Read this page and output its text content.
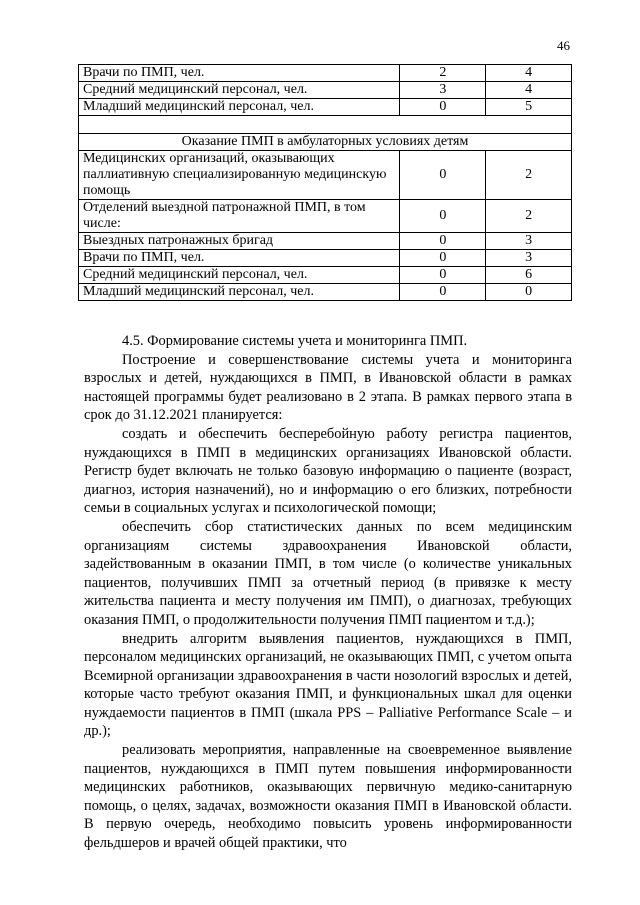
46
Врачи по ПМП, чел.	2	4
Средний медицинский персонал, чел.	3	4
Младший медицинский персонал, чел.	0	5

Оказание ПМП в амбулаторных условиях детям		
Медицинских организаций, оказывающих паллиативную специализированную медицинскую помощь	0	2
Отделений выездной патронажной ПМП, в том числе:	0	2
Выездных патронажных бригад	0	3
Врачи по ПМП, чел.	0	3
Средний медицинский персонал, чел.	0	6
Младший медицинский персонал, чел.	0	0

4.5. Формирование системы учета и мониторинга ПМП.

Построение и совершенствование системы учета и мониторинга взрослых и детей, нуждающихся в ПМП, в Ивановской области в рамках настоящей программы будет реализовано в 2 этапа. В рамках первого этапа в срок до 31.12.2021 планируется:

создать и обеспечить бесперебойную работу регистра пациентов, нуждающихся в ПМП в медицинских организациях Ивановской области. Регистр будет включать не только базовую информацию о пациенте (возраст, диагноз, история назначений), но и информацию о его близких, потребности семьи в социальных услугах и психологической помощи;

обеспечить сбор статистических данных по всем медицинским организациям системы здравоохранения Ивановской области, задействованным в оказании ПМП, в том числе (о количестве уникальных пациентов, получивших ПМП за отчетный период (в привязке к месту жительства пациента и месту получения им ПМП), о диагнозах, требующих оказания ПМП, о продолжительности получения ПМП пациентом и т.д.);

внедрить алгоритм выявления пациентов, нуждающихся в ПМП, персоналом медицинских организаций, не оказывающих ПМП, с учетом опыта Всемирной организации здравоохранения в части нозологий взрослых и детей, которые часто требуют оказания ПМП, и функциональных шкал для оценки нуждаемости пациентов в ПМП (шкала PPS – Palliative Performance Scale – и др.);

реализовать мероприятия, направленные на своевременное выявление пациентов, нуждающихся в ПМП путем повышения информированности медицинских работников, оказывающих первичную медико-санитарную помощь, о целях, задачах, возможности оказания ПМП в Ивановской области. В первую очередь, необходимо повысить уровень информированности фельдшеров и врачей общей практики, что
